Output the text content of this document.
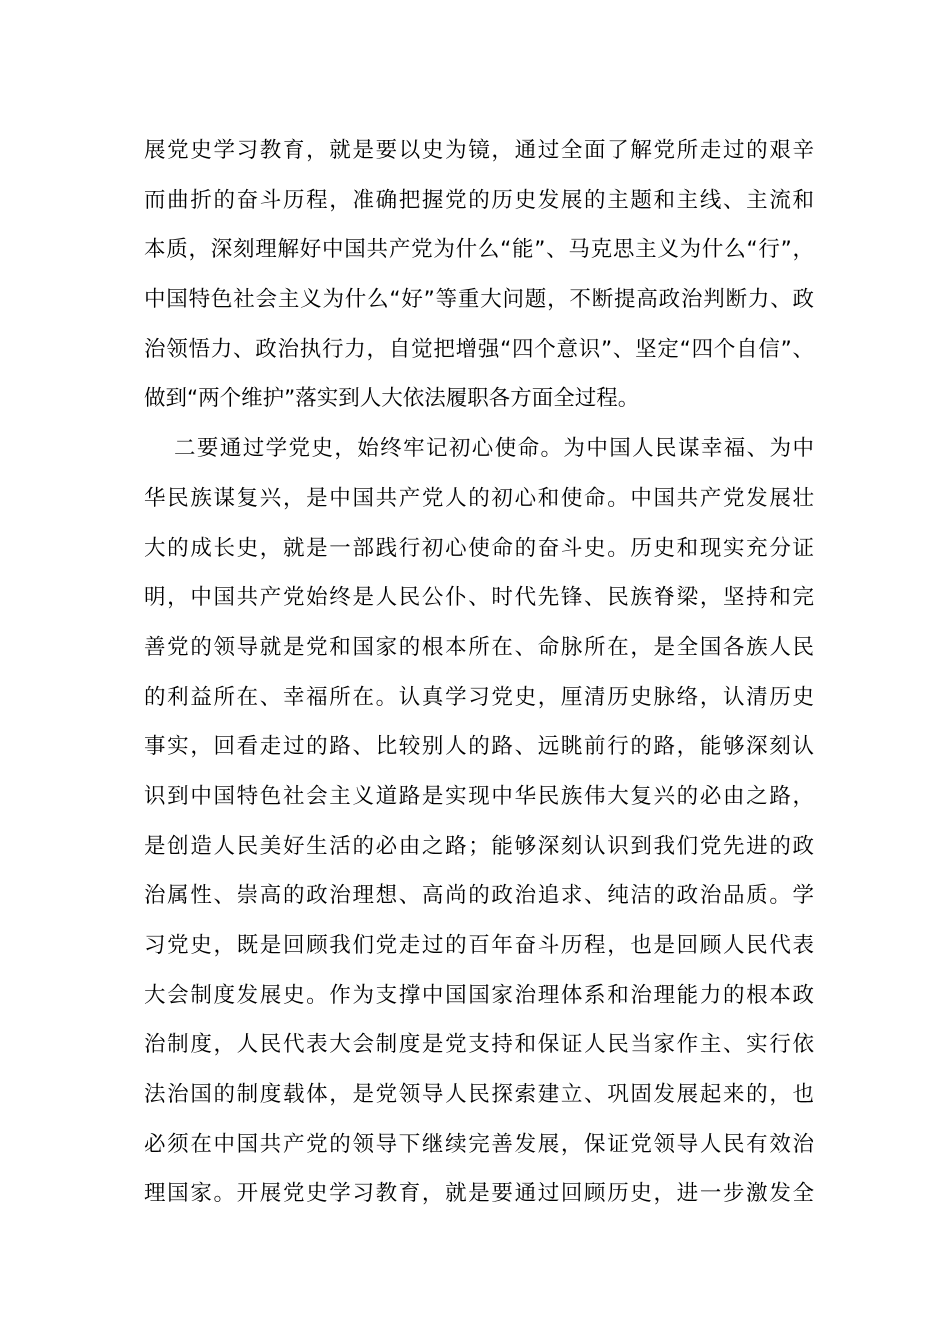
展党史学习教育，就是要以史为镜，通过全面了解党所走过的艰辛
而曲折的奋斗历程，准确把握党的历史发展的主题和主线、主流和
本质，深刻理解好中国共产党为什么“能”、马克思主义为什么“行”，
中国特色社会主义为什么“好”等重大问题，不断提高政治判断力、政
治领悟力、政治执行力，自觉把增强“四个意识”、坚定“四个自信”、
做到“两个维护”落实到人大依法履职各方面全过程。
二要通过学党史，始终牢记初心使命。为中国人民谋幸福、为中
华民族谋复兴，是中国共产党人的初心和使命。中国共产党发展壮
大的成长史，就是一部践行初心使命的奋斗史。历史和现实充分证
明，中国共产党始终是人民公仆、时代先锋、民族脊梁，坚持和完
善党的领导就是党和国家的根本所在、命脉所在，是全国各族人民
的利益所在、幸福所在。认真学习党史，厘清历史脉络，认清历史
事实，回看走过的路、比较别人的路、远眺前行的路，能够深刻认
识到中国特色社会主义道路是实现中华民族伟大复兴的必由之路，
是创造人民美好生活的必由之路；能够深刻认识到我们党先进的政
治属性、崇高的政治理想、高尚的政治追求、纯洁的政治品质。学
习党史，既是回顾我们党走过的百年奋斗历程，也是回顾人民代表
大会制度发展史。作为支撑中国国家治理体系和治理能力的根本政
治制度，人民代表大会制度是党支持和保证人民当家作主、实行依
法治国的制度载体，是党领导人民探索建立、巩固发展起来的，也
必须在中国共产党的领导下继续完善发展，保证党领导人民有效治
理国家。开展党史学习教育，就是要通过回顾历史，进一步激发全
